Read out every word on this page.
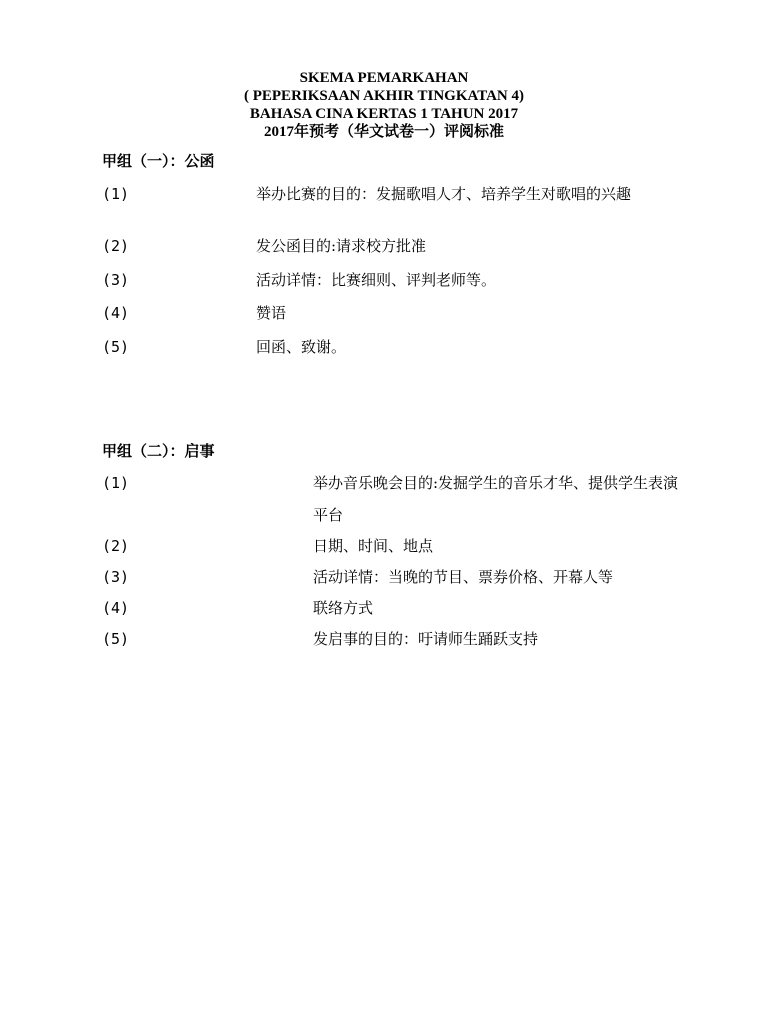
SKEMA PEMARKAHAN
( PEPERIKSAAN AKHIR TINGKATAN 4)
BAHASA CINA KERTAS 1 TAHUN 2017
2017年预考（华文试卷一）评阅标准
甲组（一）：公函
(1)	举办比赛的目的：发掘歌唱人才、培养学生对歌唱的兴趣
(2)	发公函目的:请求校方批准
(3)	活动详情：比赛细则、评判老师等。
(4)	赞语
(5)	回函、致谢。
甲组（二）：启事
(1)	举办音乐晚会目的:发掘学生的音乐才华、提供学生表演平台
(2)	日期、时间、地点
(3)	活动详情：当晚的节目、票券价格、开幕人等
(4)	联络方式
(5)	发启事的目的：吁请师生踊跃支持
